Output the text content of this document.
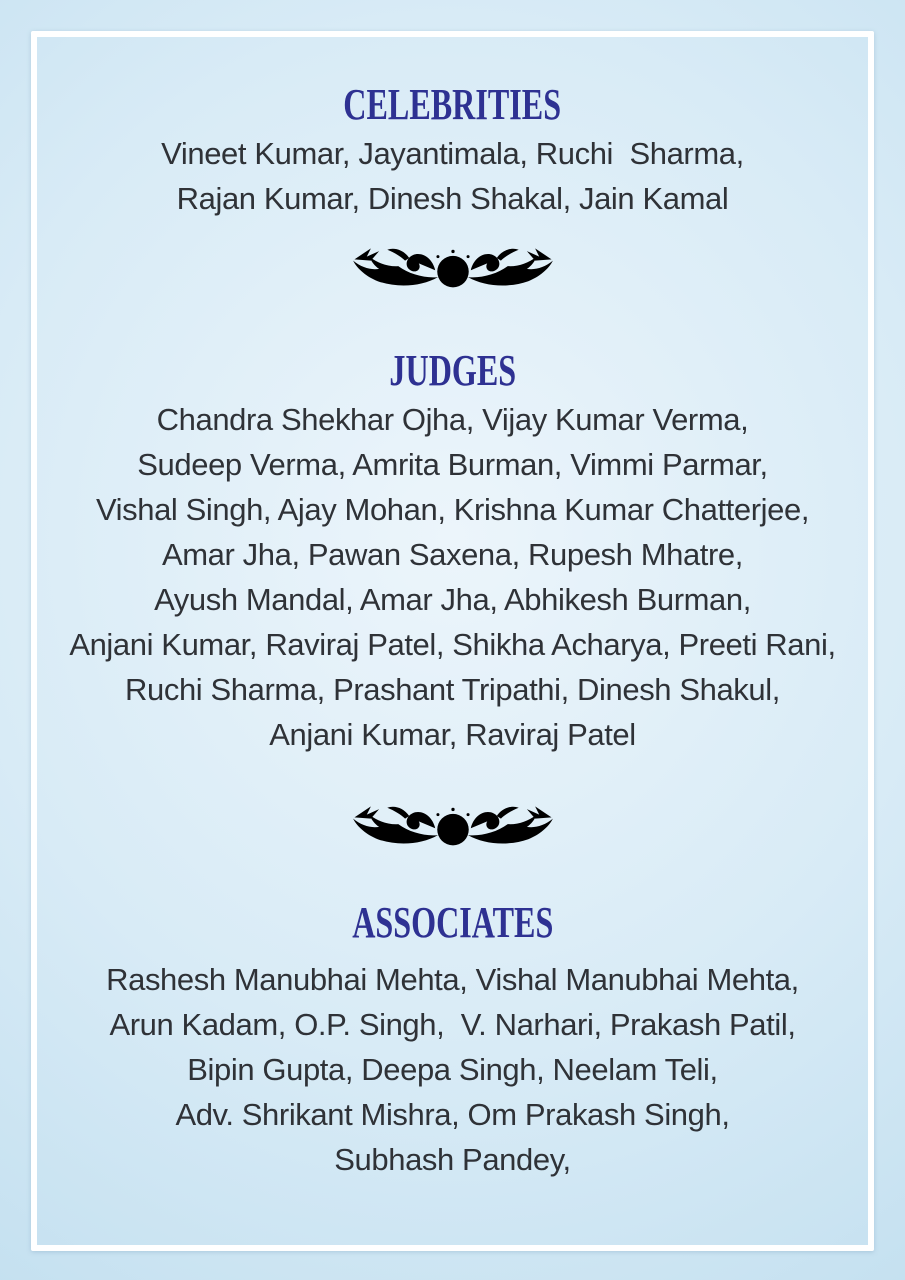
CELEBRITIES
Vineet Kumar, Jayantimala, Ruchi  Sharma,
Rajan Kumar, Dinesh Shakal, Jain Kamal
JUDGES
Chandra Shekhar Ojha, Vijay Kumar Verma,
Sudeep Verma, Amrita Burman, Vimmi Parmar,
Vishal Singh, Ajay Mohan, Krishna Kumar Chatterjee,
Amar Jha, Pawan Saxena, Rupesh Mhatre,
Ayush Mandal, Amar Jha, Abhikesh Burman,
Anjani Kumar, Raviraj Patel, Shikha Acharya, Preeti Rani,
Ruchi Sharma, Prashant Tripathi, Dinesh Shakul,
Anjani Kumar, Raviraj Patel
ASSOCIATES
Rashesh Manubhai Mehta, Vishal Manubhai Mehta,
Arun Kadam, O.P. Singh,  V. Narhari, Prakash Patil,
Bipin Gupta, Deepa Singh, Neelam Teli,
Adv. Shrikant Mishra, Om Prakash Singh,
Subhash Pandey,
